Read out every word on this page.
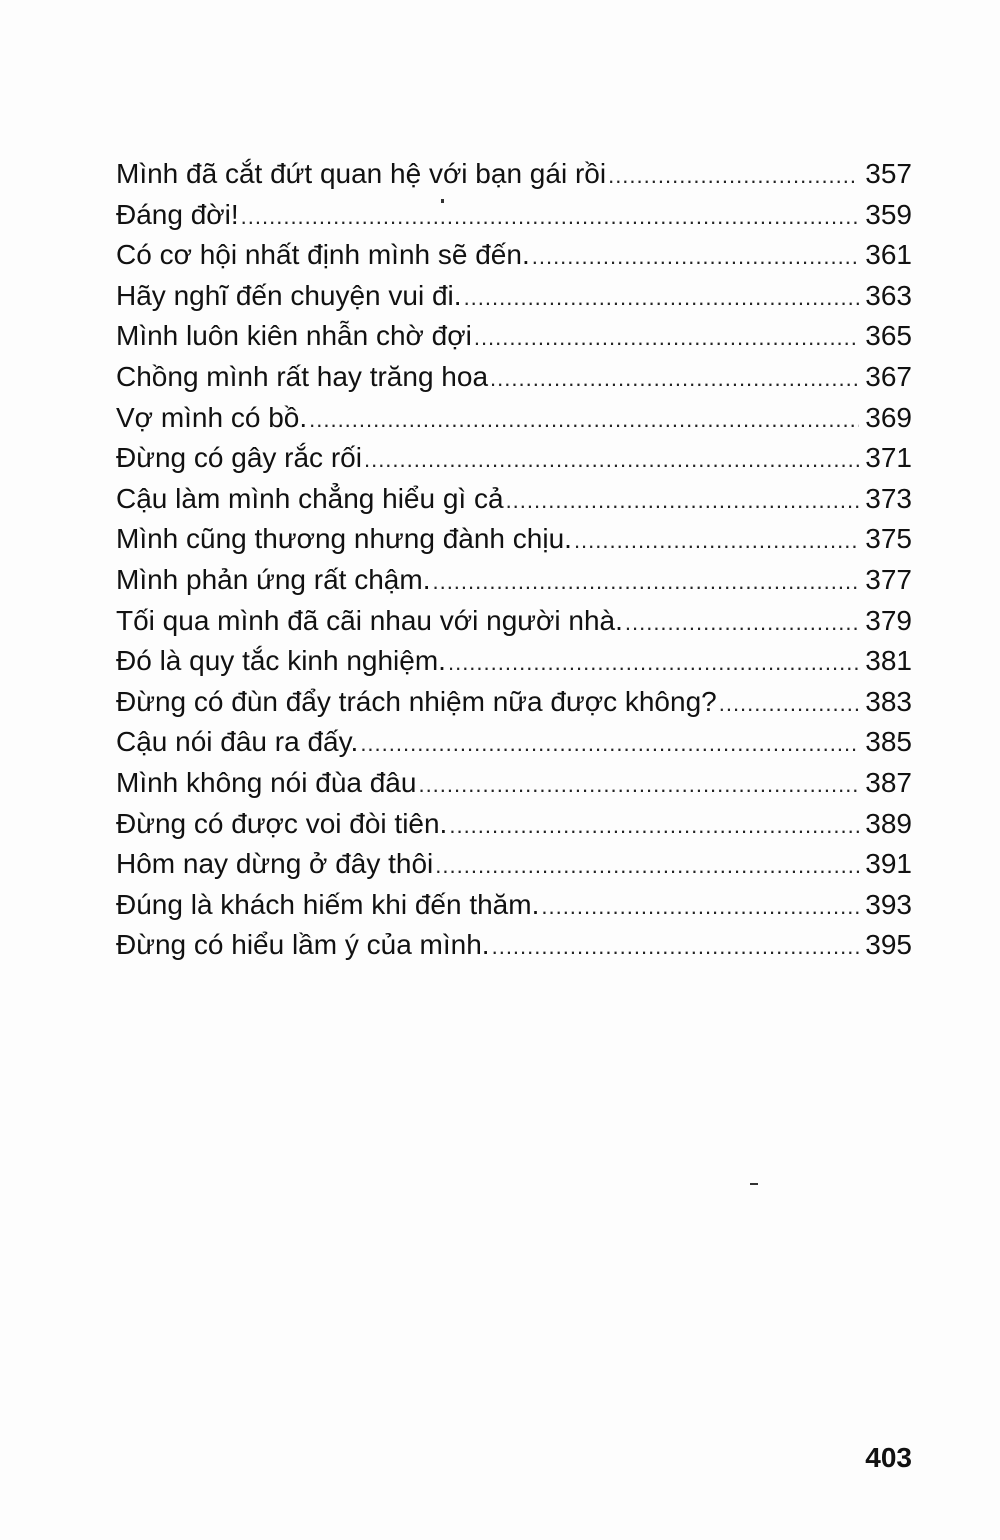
Mình đã cắt đứt quan hệ với bạn gái rồi .....	357
Đáng đời! .....	359
Có cơ hội nhất định mình sẽ đến. .....	361
Hãy nghĩ đến chuyện vui đi. .....	363
Mình luôn kiên nhẫn chờ đợi .....	365
Chồng mình rất hay trăng hoa .....	367
Vợ mình có bồ. .....	369
Đừng có gây rắc rối .....	371
Cậu làm mình chẳng hiểu gì cả .....	373
Mình cũng thương nhưng đành chịu. .....	375
Mình phản ứng rất chậm. .....	377
Tối qua mình đã cãi nhau với người nhà. .....	379
Đó là quy tắc kinh nghiệm. .....	381
Đừng có đùn đẩy trách nhiệm nữa được không? .....	383
Cậu nói đâu ra đấy. .....	385
Mình không nói đùa đâu .....	387
Đừng có được voi đòi tiên. .....	389
Hôm nay dừng ở đây thôi .....	391
Đúng là khách hiếm khi đến thăm. .....	393
Đừng có hiểu lầm ý của mình. .....	395
403
